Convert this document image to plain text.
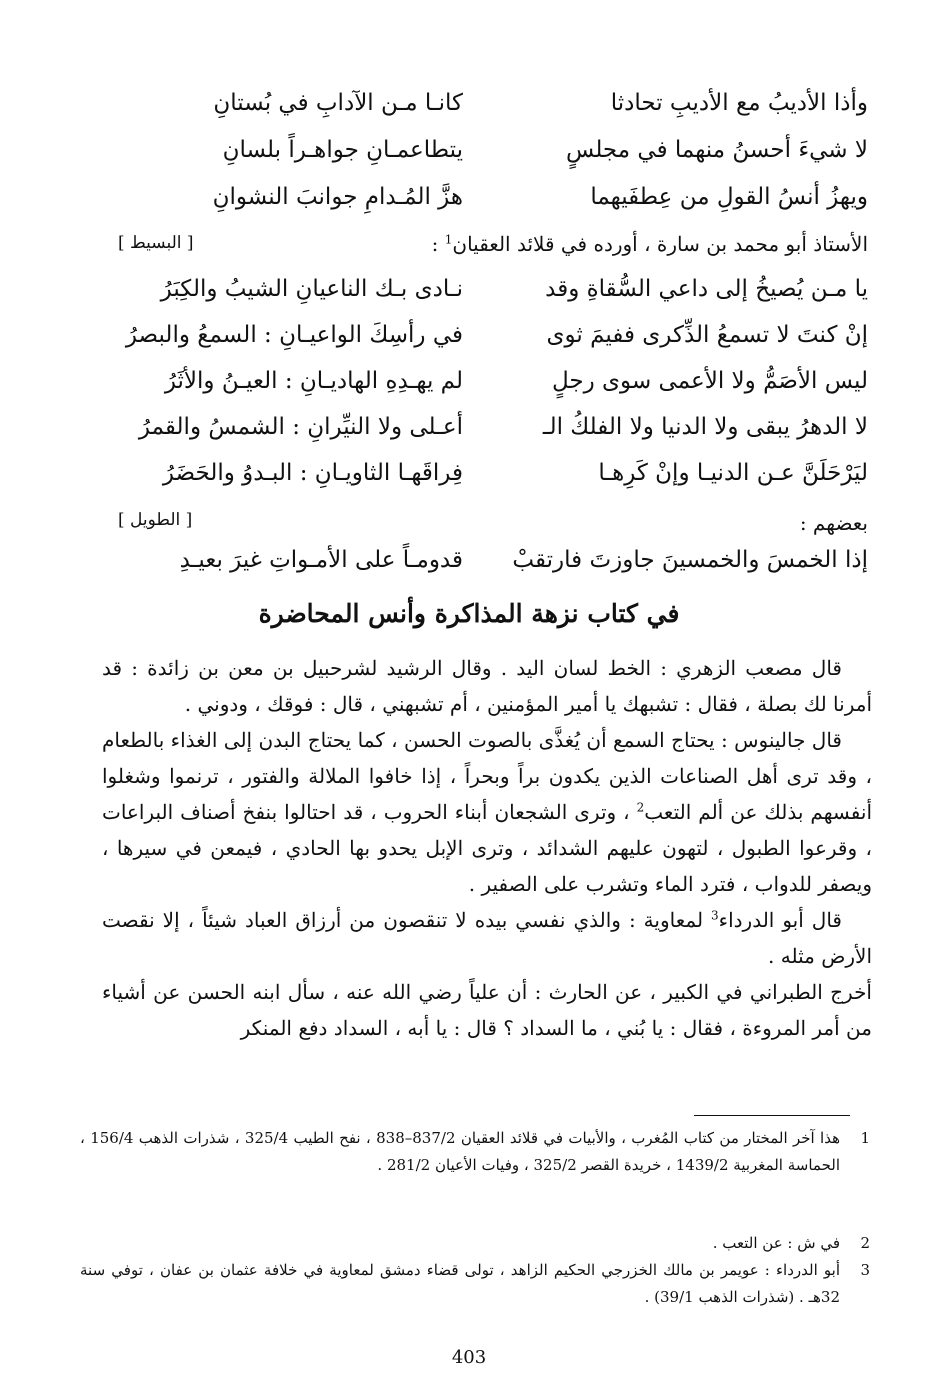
وأذا الأديبُ مع الأديبِ تحادثا
كانـا مـن الآدابِ في بُستانِ
لا شيءَ أحسنُ منهما في مجلسٍ
يتطاعمـانِ جواهـراً بلسانِ
ويهزُ أنسُ القولِ من عِطفَيهما
هزَّ المُـدامِ جوانبَ النشوانِ
الأستاذ أبو محمد بن سارة ، أورده في قلائد العقيان$^1$ :
[ البسيط ]
يا مـن يُصيخُ إلى داعي السُّقاةِ وقد
نـادى بـك الناعيانِ الشيبُ والكِبَرُ
إنْ كنتَ لا تسمعُ الذِّكرى ففيمَ ثوى
في رأسِكَ الواعيـانِ : السمعُ والبصرُ
ليس الأصَمُّ ولا الأعمى سوى رجلٍ
لم يهـدِهِ الهاديـانِ : العيـنُ والأثَرُ
لا الدهرُ يبقى ولا الدنيا ولا الفلكُ الـ
أعـلى ولا النيِّرانِ : الشمسُ والقمرُ
ليَرْحَلَنَّ عـن الدنيـا وإنْ كَرِهـا
فِراقَهـا الثاويـانِ : البـدوُ والحَضَرُ
بعضهم :
[ الطويل ]
إذا الخمسَ والخمسينَ جاوزتَ فارتقبْ
قدومـاً على الأمـواتِ غيرَ بعيـدِ
في كتاب نزهة المذاكرة وأنس المحاضرة

قال مصعب الزهري : الخط لسان اليد . وقال الرشيد لشرحبيل بن معن بن زائدة : قد أمرنا لك بصلة ، فقال : تشبهك يا أمير المؤمنين ، أم تشبهني ، قال : فوقك ، ودوني .

قال جالينوس : يحتاج السمع أن يُغذَّى بالصوت الحسن ، كما يحتاج البدن إلى الغذاء بالطعام ، وقد ترى أهل الصناعات الذين يكدون براً وبحراً ، إذا خافوا الملالة والفتور ، ترنموا وشغلوا أنفسهم بذلك عن ألم التعب$^2$ ، وترى الشجعان أبناء الحروب ، قد احتالوا بنفخ أصناف البراعات ، وقرعوا الطبول ، لتهون عليهم الشدائد ، وترى الإبل يحدو بها الحادي ، فيمعن في سيرها ، ويصفر للدواب ، فترد الماء وتشرب على الصفير .

قال أبو الدرداء$^3$ لمعاوية : والذي نفسي بيده لا تنقصون من أرزاق العباد شيئاً ، إلا نقصت الأرض مثله .

أخرج الطبراني في الكبير ، عن الحارث : أن علياً رضي الله عنه ، سأل ابنه الحسن عن أشياء من أمر المروءة ، فقال : يا بُني ، ما السداد ؟ قال : يا أبه ، السداد دفع المنكر

1
هذا آخر المختار من كتاب المُغرب ، والأبيات في قلائد العقيان 837/2–838 ، نفح الطيب 325/4 ، شذرات الذهب 156/4 ، الحماسة المغربية 1439/2 ، خريدة القصر 325/2 ، وفيات الأعيان 281/2 .
2
في ش : عن التعب .
3
أبو الدرداء : عويمر بن مالك الخزرجي الحكيم الزاهد ، تولى قضاء دمشق لمعاوية في خلافة عثمان بن عفان ، توفي سنة 32هـ . (شذرات الذهب 39/1) .
403
